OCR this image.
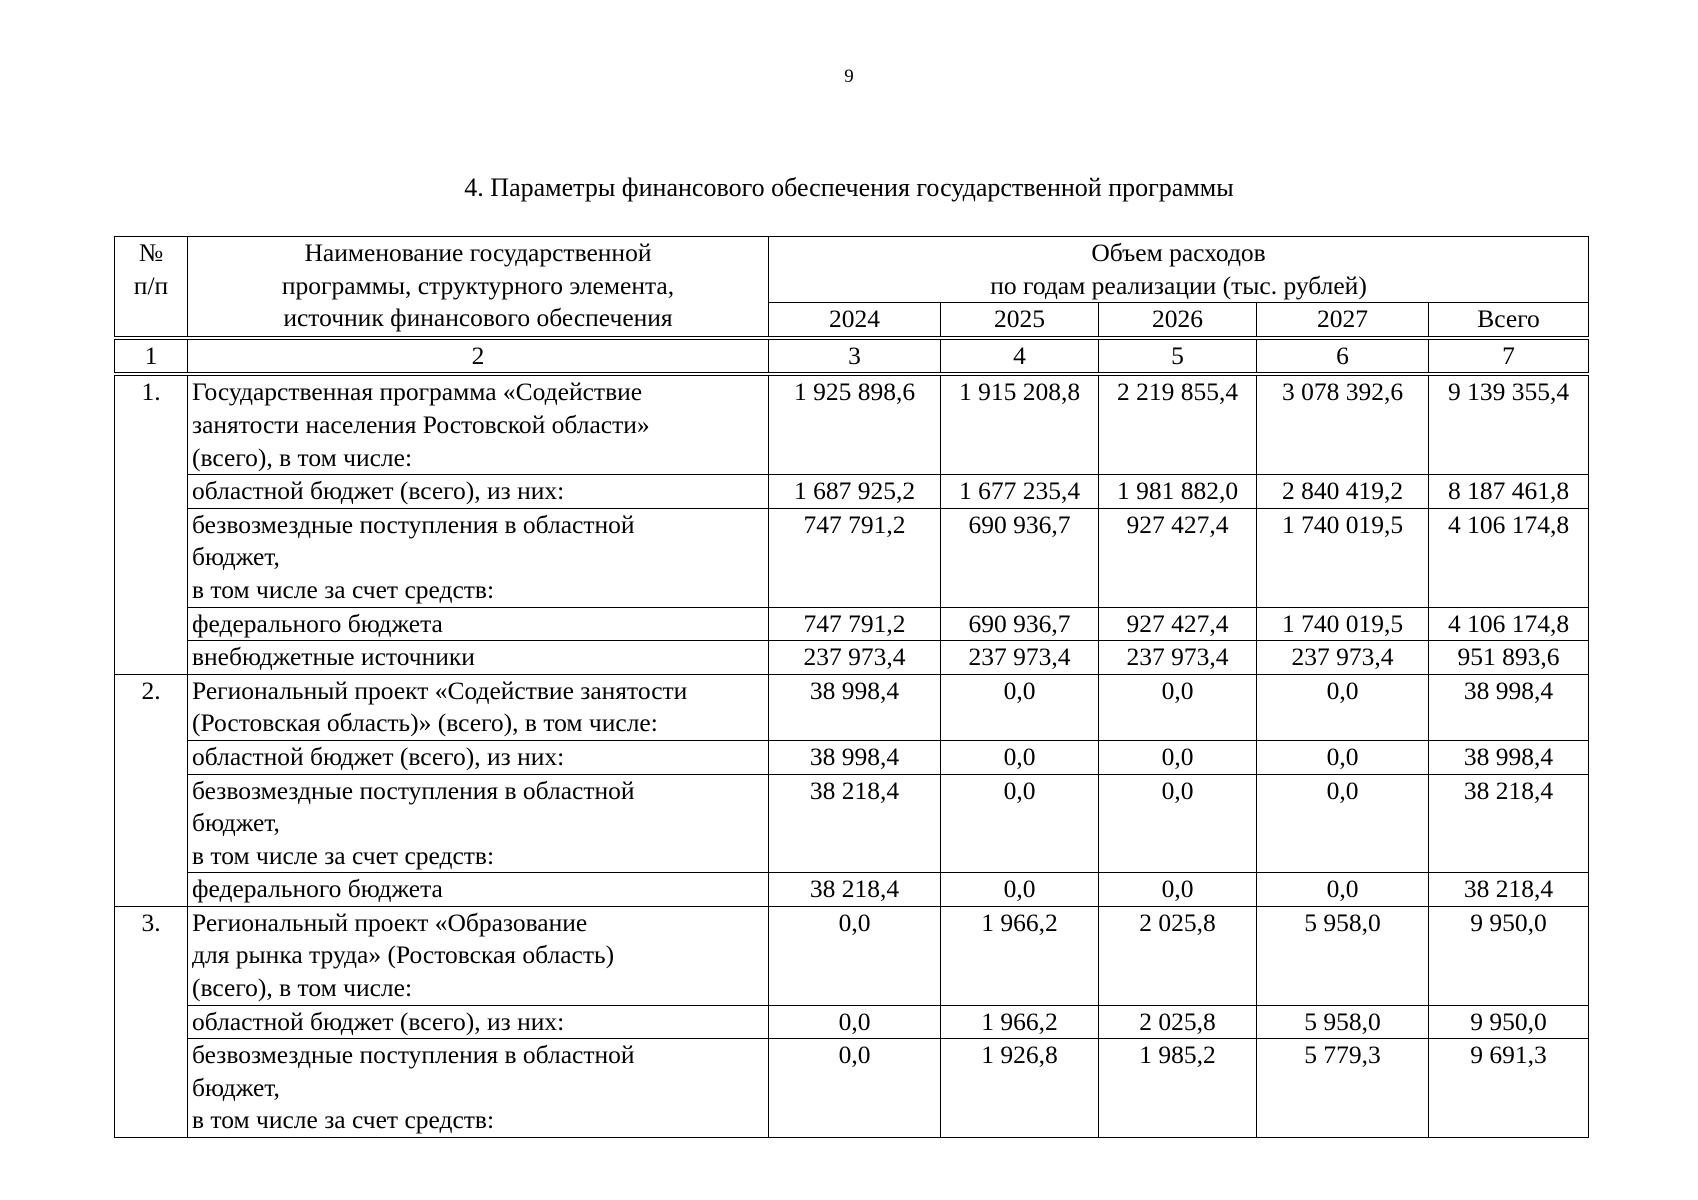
9
4. Параметры финансового обеспечения государственной программы
№
п/п	Наименование государственной
программы, структурного элемента,
источник финансового обеспечения	Объем расходов
по годам реализации (тыс. рублей)				

		2024	2025	2026	2027	Всего
1	2	3	4	5	6	7
1.	Государственная программа «Содействие
занятости населения Ростовской области»
(всего), в том числе:	1 925 898,6	1 915 208,8	2 219 855,4	3 078 392,6	9 139 355,4

	областной бюджет (всего), из них:	1 687 925,2	1 677 235,4	1 981 882,0	2 840 419,2	8 187 461,8

	безвозмездные поступления в областной
бюджет,
в том числе за счет средств:	747 791,2	690 936,7	927 427,4	1 740 019,5	4 106 174,8

	федерального бюджета	747 791,2	690 936,7	927 427,4	1 740 019,5	4 106 174,8

	внебюджетные источники	237 973,4	237 973,4	237 973,4	237 973,4	951 893,6
2.	Региональный проект «Содействие занятости
(Ростовская область)» (всего), в том числе:	38 998,4	0,0	0,0	0,0	38 998,4

	областной бюджет (всего), из них:	38 998,4	0,0	0,0	0,0	38 998,4

	безвозмездные поступления в областной
бюджет,
в том числе за счет средств:	38 218,4	0,0	0,0	0,0	38 218,4

	федерального бюджета	38 218,4	0,0	0,0	0,0	38 218,4
3.	Региональный проект «Образование
для рынка труда» (Ростовская область)
(всего), в том числе:	0,0	1 966,2	2 025,8	5 958,0	9 950,0

	областной бюджет (всего), из них:	0,0	1 966,2	2 025,8	5 958,0	9 950,0

	безвозмездные поступления в областной
бюджет,
в том числе за счет средств:	0,0	1 926,8	1 985,2	5 779,3	9 691,3
